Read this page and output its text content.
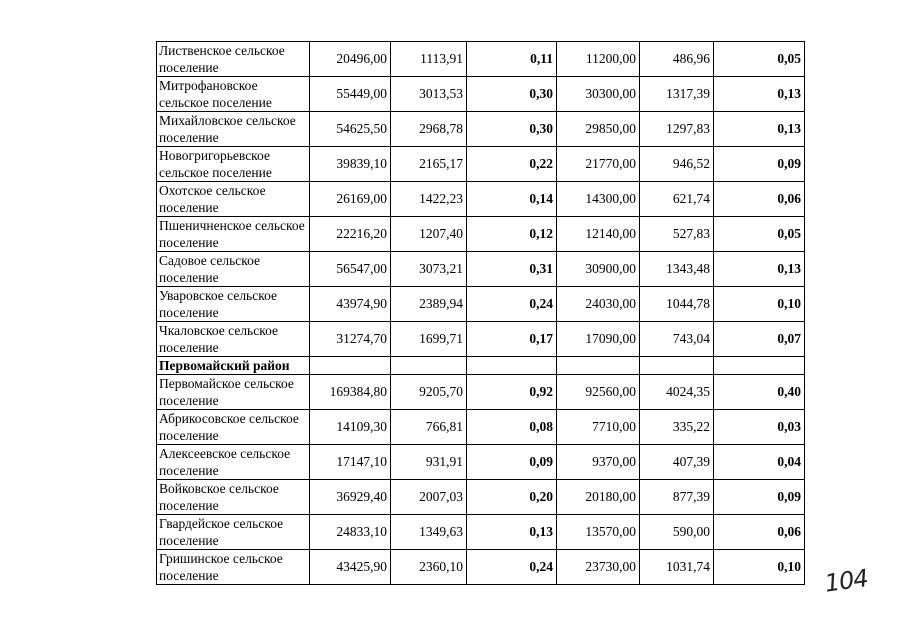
Лиственское сельское поселение	20496,00	1113,91	0,11	11200,00	486,96	0,05
Митрофановское сельское поселение	55449,00	3013,53	0,30	30300,00	1317,39	0,13
Михайловское сельское поселение	54625,50	2968,78	0,30	29850,00	1297,83	0,13
Новогригорьевское сельское поселение	39839,10	2165,17	0,22	21770,00	946,52	0,09
Охотское сельское поселение	26169,00	1422,23	0,14	14300,00	621,74	0,06
Пшеничненское сельское поселение	22216,20	1207,40	0,12	12140,00	527,83	0,05
Садовое сельское поселение	56547,00	3073,21	0,31	30900,00	1343,48	0,13
Уваровское сельское поселение	43974,90	2389,94	0,24	24030,00	1044,78	0,10
Чкаловское сельское поселение	31274,70	1699,71	0,17	17090,00	743,04	0,07
Первомайский район						
Первомайское сельское поселение	169384,80	9205,70	0,92	92560,00	4024,35	0,40
Абрикосовское сельское поселение	14109,30	766,81	0,08	7710,00	335,22	0,03
Алексеевское сельское поселение	17147,10	931,91	0,09	9370,00	407,39	0,04
Войковское сельское поселение	36929,40	2007,03	0,20	20180,00	877,39	0,09
Гвардейское сельское поселение	24833,10	1349,63	0,13	13570,00	590,00	0,06
Гришинское сельское поселение	43425,90	2360,10	0,24	23730,00	1031,74	0,10 104
